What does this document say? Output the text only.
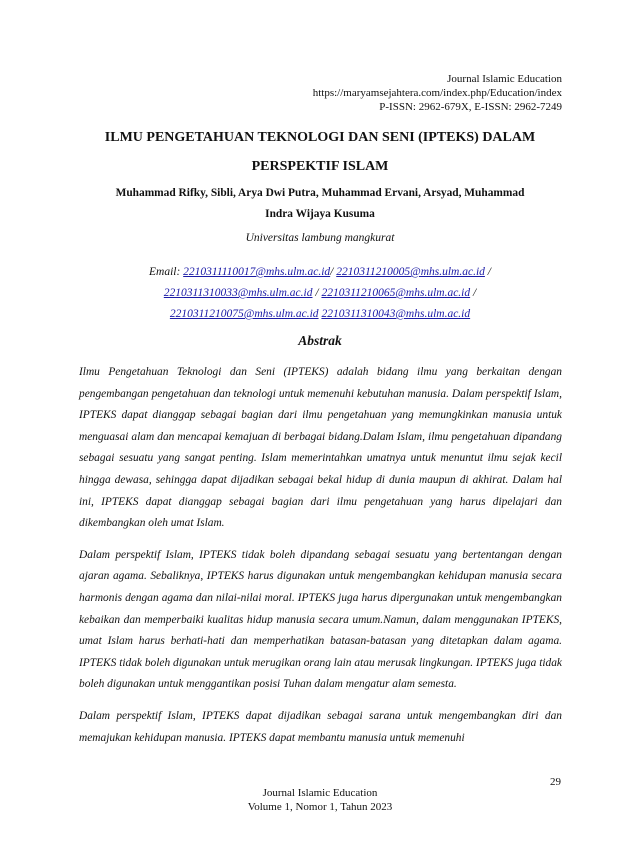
Journal Islamic Education
https://maryamsejahtera.com/index.php/Education/index
P-ISSN: 2962-679X, E-ISSN: 2962-7249
ILMU PENGETAHUAN TEKNOLOGI DAN SENI (IPTEKS) DALAM
PERSPEKTIF ISLAM
Muhammad Rifky, Sibli, Arya Dwi Putra, Muhammad Ervani, Arsyad, Muhammad
Indra Wijaya Kusuma
Universitas lambung mangkurat
Email: 2210311110017@mhs.ulm.ac.id/ 2210311210005@mhs.ulm.ac.id /
2210311310033@mhs.ulm.ac.id / 2210311210065@mhs.ulm.ac.id /
2210311210075@mhs.ulm.ac.id 2210311310043@mhs.ulm.ac.id
Abstrak

Ilmu Pengetahuan Teknologi dan Seni (IPTEKS) adalah bidang ilmu yang berkaitan dengan pengembangan pengetahuan dan teknologi untuk memenuhi kebutuhan manusia. Dalam perspektif Islam, IPTEKS dapat dianggap sebagai bagian dari ilmu pengetahuan yang memungkinkan manusia untuk menguasai alam dan mencapai kemajuan di berbagai bidang.Dalam Islam, ilmu pengetahuan dipandang sebagai sesuatu yang sangat penting. Islam memerintahkan umatnya untuk menuntut ilmu sejak kecil hingga dewasa, sehingga dapat dijadikan sebagai bekal hidup di dunia maupun di akhirat. Dalam hal ini, IPTEKS dapat dianggap sebagai bagian dari ilmu pengetahuan yang harus dipelajari dan dikembangkan oleh umat Islam.

Dalam perspektif Islam, IPTEKS tidak boleh dipandang sebagai sesuatu yang bertentangan dengan ajaran agama. Sebaliknya, IPTEKS harus digunakan untuk mengembangkan kehidupan manusia secara harmonis dengan agama dan nilai-nilai moral. IPTEKS juga harus dipergunakan untuk mengembangkan kebaikan dan memperbaiki kualitas hidup manusia secara umum.Namun, dalam menggunakan IPTEKS, umat Islam harus berhati-hati dan memperhatikan batasan-batasan yang ditetapkan dalam agama. IPTEKS tidak boleh digunakan untuk merugikan orang lain atau merusak lingkungan. IPTEKS juga tidak boleh digunakan untuk menggantikan posisi Tuhan dalam mengatur alam semesta.

Dalam perspektif Islam, IPTEKS dapat dijadikan sebagai sarana untuk mengembangkan diri dan memajukan kehidupan manusia. IPTEKS dapat membantu manusia untuk memenuhi

29
Journal Islamic Education
Volume 1, Nomor 1, Tahun 2023
